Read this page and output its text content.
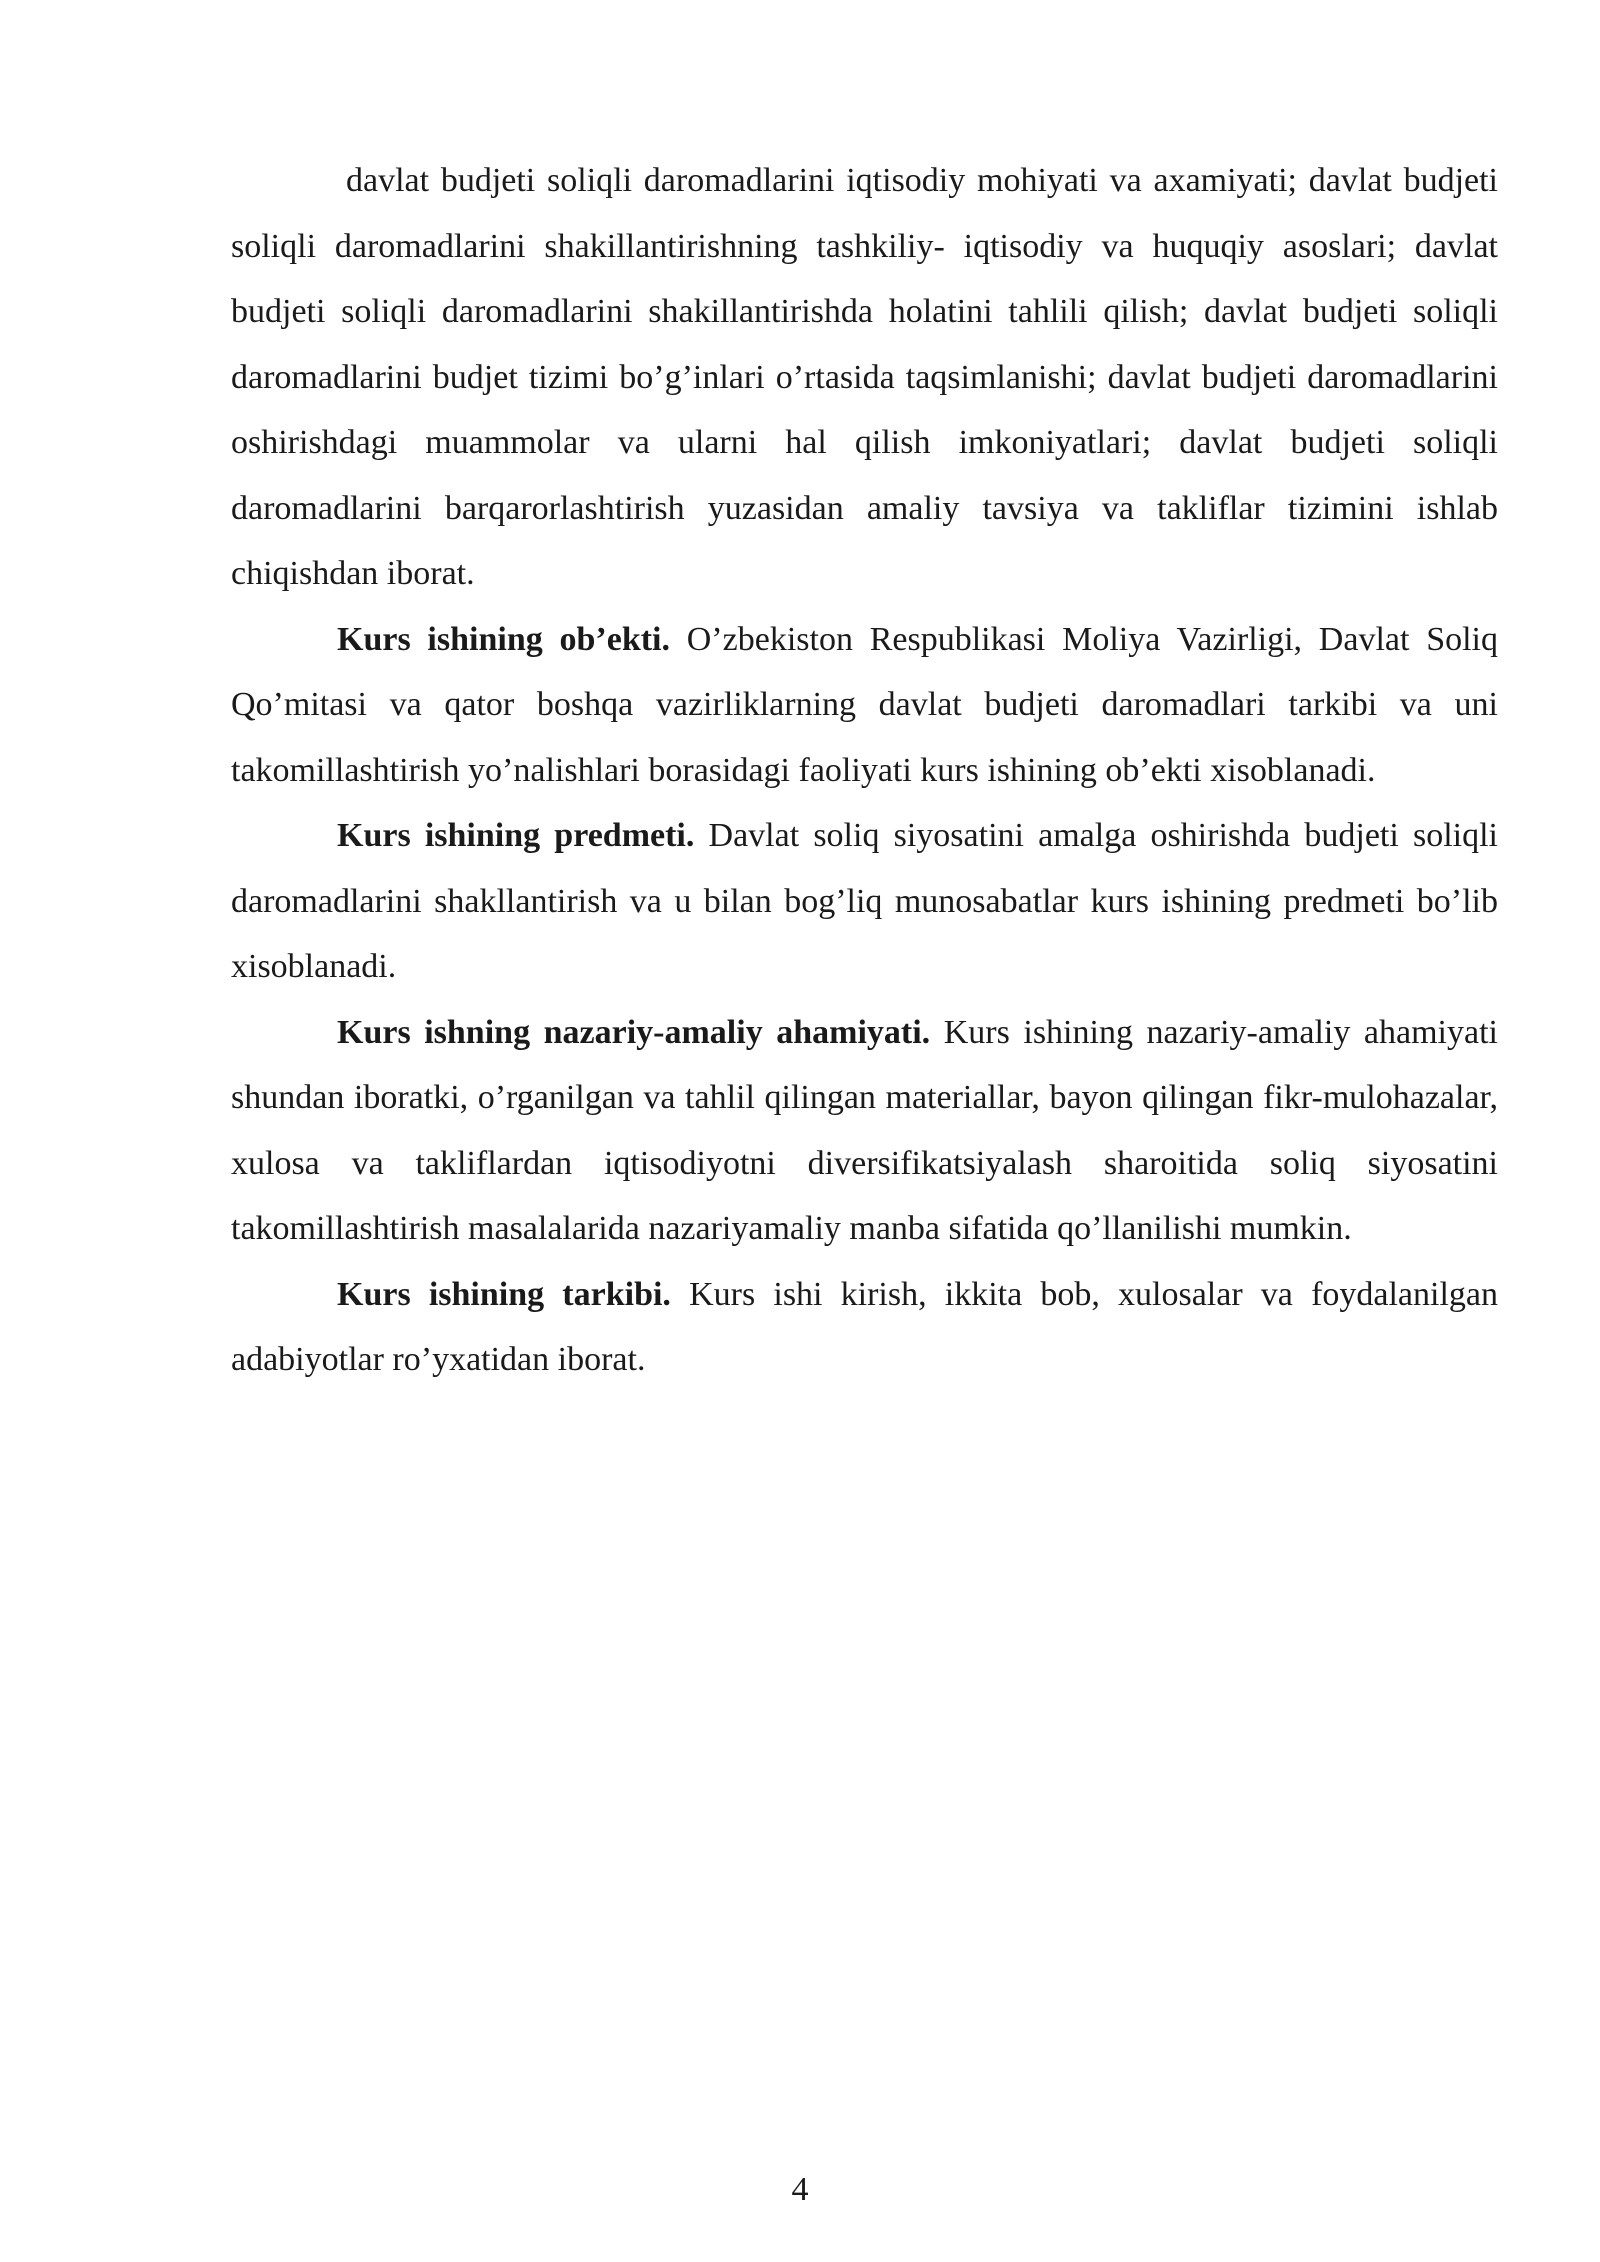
davlat budjeti soliqli daromadlarini iqtisodiy mohiyati va axamiyati; davlat budjeti soliqli daromadlarini shakillantirishning tashkiliy- iqtisodiy va huquqiy asoslari; davlat budjeti soliqli daromadlarini shakillantirishda holatini tahlili qilish; davlat budjeti soliqli daromadlarini budjet tizimi bo’g’inlari o’rtasida taqsimlanishi; davlat budjeti daromadlarini oshirishdagi muammolar va ularni hal qilish imkoniyatlari; davlat budjeti soliqli daromadlarini barqarorlashtirish yuzasidan amaliy tavsiya va takliflar tizimini ishlab chiqishdan iborat.

Kurs ishining ob’ekti. O’zbekiston Respublikasi Moliya Vazirligi, Davlat Soliq Qo’mitasi va qator boshqa vazirliklarning davlat budjeti daromadlari tarkibi va uni takomillashtirish yo’nalishlari borasidagi faoliyati kurs ishining ob’ekti xisoblanadi.

Kurs ishining predmeti. Davlat soliq siyosatini amalga oshirishda budjeti soliqli daromadlarini shakllantirish va u bilan bog’liq munosabatlar kurs ishining predmeti bo’lib xisoblanadi.

Kurs ishning nazariy-amaliy ahamiyati. Kurs ishining nazariy-amaliy ahamiyati shundan iboratki, o’rganilgan va tahlil qilingan materiallar, bayon qilingan fikr-mulohazalar, xulosa va takliflardan iqtisodiyotni diversifikatsiyalash sharoitida soliq siyosatini takomillashtirish masalalarida nazariyamaliy manba sifatida qo’llanilishi mumkin.

Kurs ishining tarkibi. Kurs ishi kirish, ikkita bob, xulosalar va foydalanilgan adabiyotlar ro’yxatidan iborat.

4
